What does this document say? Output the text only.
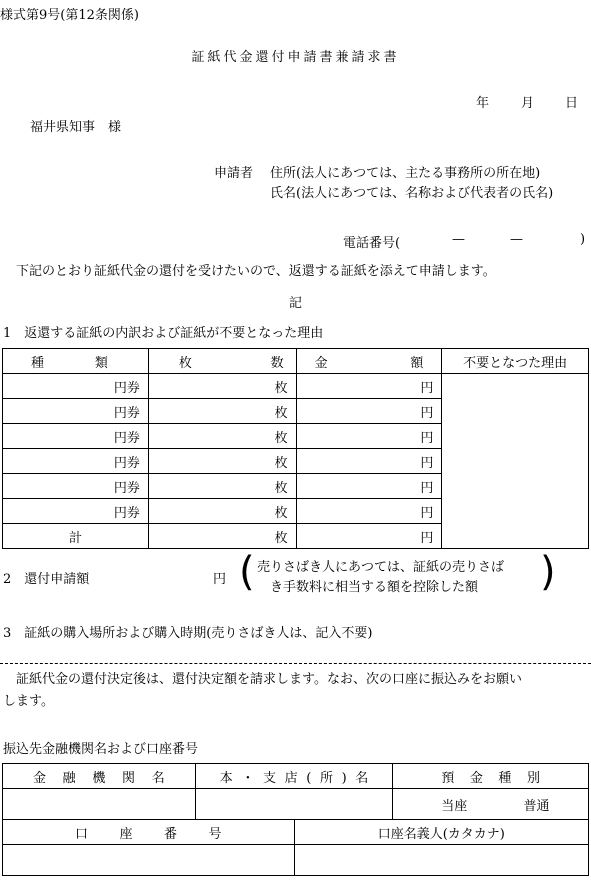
様式第9号(第12条関係)
証紙代金還付申請書兼請求書
年 月 日
福井県知事　様
申請者 住所(法人にあつては、主たる事務所の所在地)
氏名(法人にあつては、名称および代表者の氏名)
電話番号(	—	—	)
下記のとおり証紙代金の還付を受けたいので、返還する証紙を添えて申請します。
記
1　返還する証紙の内訳および証紙が不要となった理由
種類	枚数	金額	不要となつた理由
円券	枚	円	
円券	枚	円	
円券	枚	円	
円券	枚	円	
円券	枚	円	
円券	枚	円	
計	枚	円	
2　還付申請額	円 ( 売りさばき人にあつては、証紙の売りさば
き手数料に相当する額を控除した額 )
3　証紙の購入場所および購入時期(売りさばき人は、記入不要)
証紙代金の還付決定後は、還付決定額を請求します。なお、次の口座に振込みをお願い
します。
振込先金融機関名および口座番号
金融機関名	本・支店(所)名		預金種別

			当座 普通

口座番号		口座名義人(カタカナ)	
